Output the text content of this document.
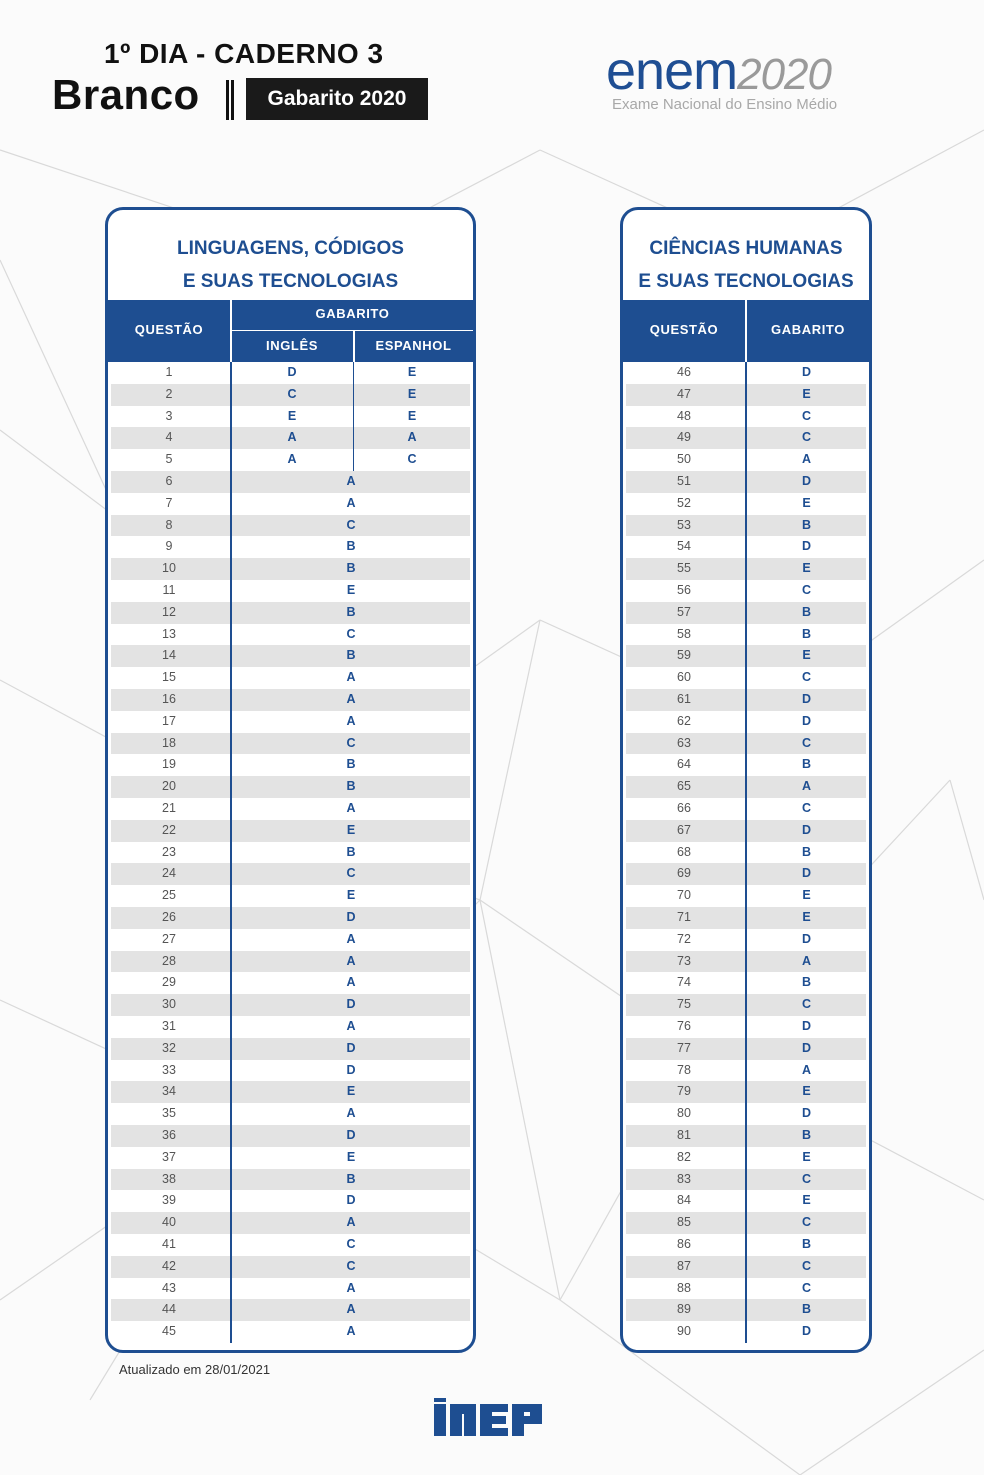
1º DIA - CADERNO 3
Branco	Gabarito 2020	enem2020
Exame Nacional do Ensino Médio
LINGUAGENS, CÓDIGOS
E SUAS TECNOLOGIAS
QUESTÃO
GABARITO
INGLÊS	ESPANHOL
1	D	E
2	C	E
3	E	E
4	A	A
5	A	C
6	A
7	A
8	C
9	B
10	B
11	E
12	B
13	C
14	B
15	A
16	A
17	A
18	C
19	B
20	B
21	A
22	E
23	B
24	C
25	E
26	D
27	A
28	A
29	A
30	D
31	A
32	D
33	D
34	E
35	A
36	D
37	E
38	B
39	D
40	A
41	C
42	C
43	A
44	A
45	A
CIÊNCIAS HUMANAS
E SUAS TECNOLOGIAS
QUESTÃO	GABARITO
46	D
47	E
48	C
49	C
50	A
51	D
52	E
53	B
54	D
55	E
56	C
57	B
58	B
59	E
60	C
61	D
62	D
63	C
64	B
65	A
66	C
67	D
68	B
69	D
70	E
71	E
72	D
73	A
74	B
75	C
76	D
77	D
78	A
79	E
80	D
81	B
82	E
83	C
84	E
85	C
86	B
87	C
88	C
89	B
90	D
Atualizado em 28/01/2021
INEP
